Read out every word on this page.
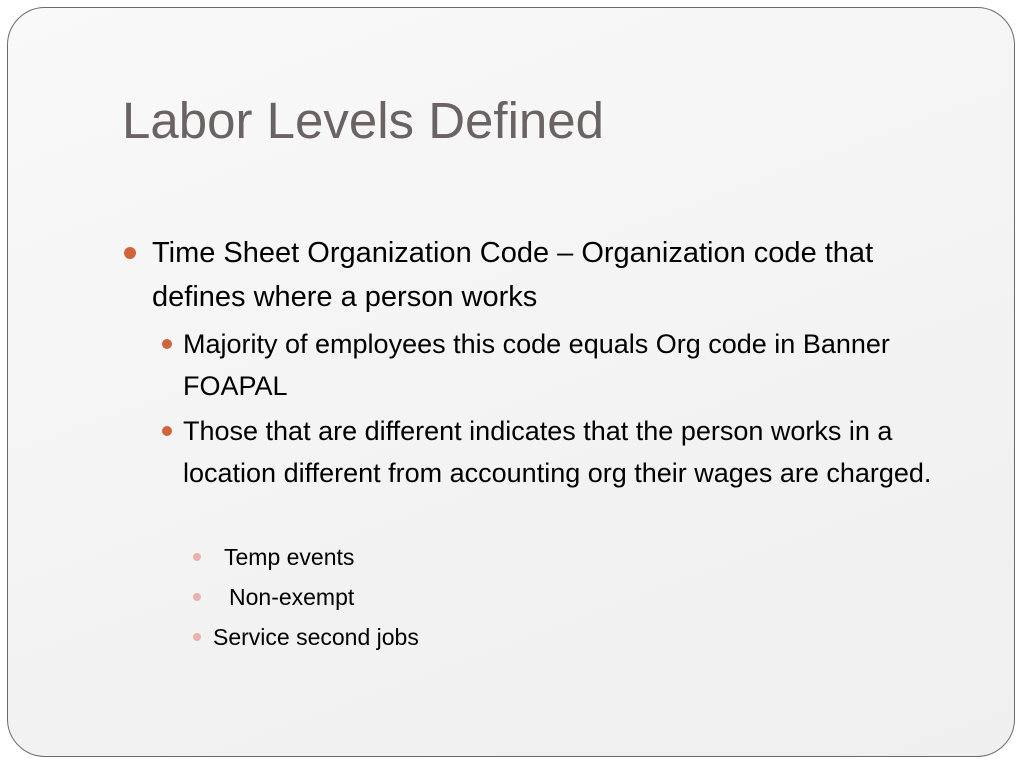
Labor Levels Defined
Time Sheet Organization Code – Organization code that defines where a person works
Majority of employees this code equals Org code in Banner FOAPAL
Those that are different indicates that the person works in a location different from accounting org their wages are charged.
Temp events
Non-exempt
Service second jobs
